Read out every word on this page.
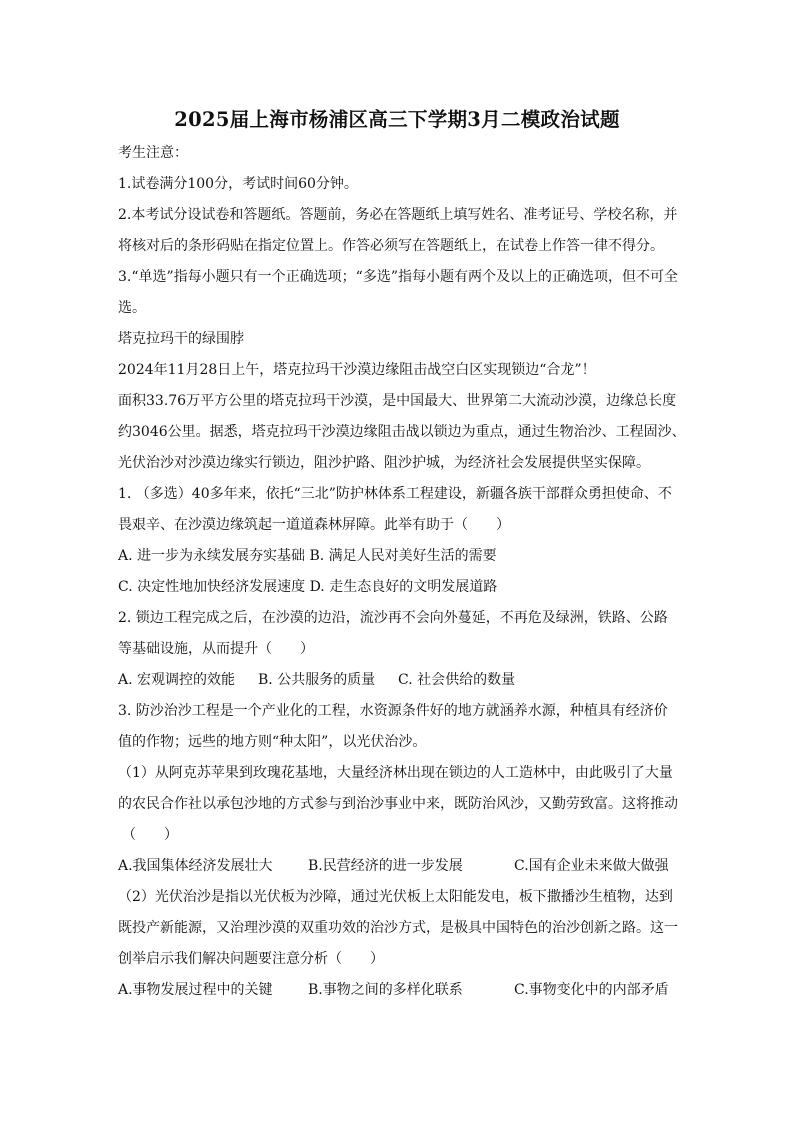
2025届上海市杨浦区高三下学期3月二模政治试题
考生注意：
1.试卷满分100分，考试时间60分钟。
2.本考试分设试卷和答题纸。答题前，务必在答题纸上填写姓名、准考证号、学校名称，并
将核对后的条形码贴在指定位置上。作答必须写在答题纸上，在试卷上作答一律不得分。
3.“单选”指每小题只有一个正确选项；“多选”指每小题有两个及以上的正确选项，但不可全
选。
塔克拉玛干的绿围脖
2024年11月28日上午，塔克拉玛干沙漠边缘阻击战空白区实现锁边“合龙”！
面积33.76万平方公里的塔克拉玛干沙漠，是中国最大、世界第二大流动沙漠，边缘总长度
约3046公里。据悉，塔克拉玛干沙漠边缘阻击战以锁边为重点，通过生物治沙、工程固沙、
光伏治沙对沙漠边缘实行锁边，阻沙护路、阻沙护城，为经济社会发展提供坚实保障。
1. （多选）40多年来，依托“三北”防护林体系工程建设，新疆各族干部群众勇担使命、不
畏艰辛、在沙漠边缘筑起一道道森林屏障。此举有助于（　　）
A. 进一步为永续发展夯实基础 B. 满足人民对美好生活的需要
C. 决定性地加快经济发展速度 D. 走生态良好的文明发展道路
2. 锁边工程完成之后，在沙漠的边沿，流沙再不会向外蔓延，不再危及绿洲，铁路、公路
等基础设施，从而提升（　　）
A. 宏观调控的效能	B. 公共服务的质量	C. 社会供给的数量
3. 防沙治沙工程是一个产业化的工程，水资源条件好的地方就涵养水源，种植具有经济价
值的作物；远些的地方则“种太阳”，以光伏治沙。
（1）从阿克苏苹果到玫瑰花基地，大量经济林出现在锁边的人工造林中，由此吸引了大量
的农民合作社以承包沙地的方式参与到治沙事业中来，既防治风沙，又勤劳致富。这将推动
（　　）
A.我国集体经济发展壮大	B.民营经济的进一步发展	C.国有企业未来做大做强
（2）光伏治沙是指以光伏板为沙障，通过光伏板上太阳能发电，板下撒播沙生植物，达到
既投产新能源，又治理沙漠的双重功效的治沙方式，是极具中国特色的治沙创新之路。这一
创举启示我们解决问题要注意分析（　　）
A.事物发展过程中的关键	B.事物之间的多样化联系	C.事物变化中的内部矛盾
